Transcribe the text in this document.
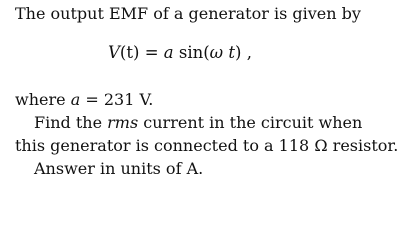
The output EMF of a generator is given by
V(t) = a sin(ω t) ,
where a = 231 V.
Find the rms current in the circuit when
this generator is connected to a 118 Ω resistor.
Answer in units of A.
